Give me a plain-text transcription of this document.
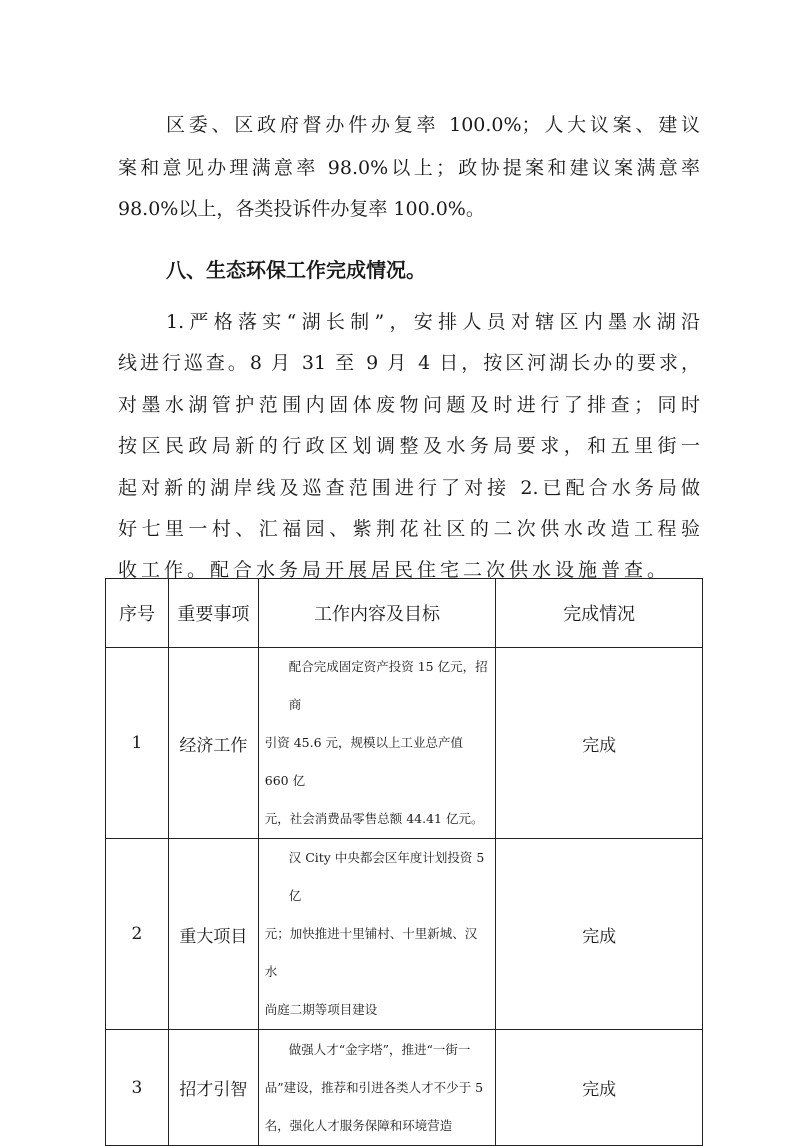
区委、区政府督办件办复率 100.0%；人大议案、建议
案和意见办理满意率 98.0%以上；政协提案和建议案满意率
98.0%以上，各类投诉件办复率 100.0%。
八、生态环保工作完成情况。
1.严格落实“湖长制”，安排人员对辖区内墨水湖沿
线进行巡查。8 月 31 至 9 月 4 日，按区河湖长办的要求，
对墨水湖管护范围内固体废物问题及时进行了排查；同时
按区民政局新的行政区划调整及水务局要求，和五里街一
起对新的湖岸线及巡查范围进行了对接 2.已配合水务局做
好七里一村、汇福园、紫荆花社区的二次供水改造工程验
收工作。配合水务局开展居民住宅二次供水设施普查。
序号	重要事项	工作内容及目标	完成情况
1	经济工作	配合完成固定资产投资 15 亿元，招商
引资 45.6 元，规模以上工业总产值 660 亿
元，社会消费品零售总额 44.41 亿元。	完成
2	重大项目	汉 City 中央都会区年度计划投资 5 亿
元；加快推进十里铺村、十里新城、汉水
尚庭二期等项目建设	完成
3	招才引智	做强人才“金字塔”，推进“一街一
品”建设，推荐和引进各类人才不少于 5
名，强化人才服务保障和环境营造	完成
